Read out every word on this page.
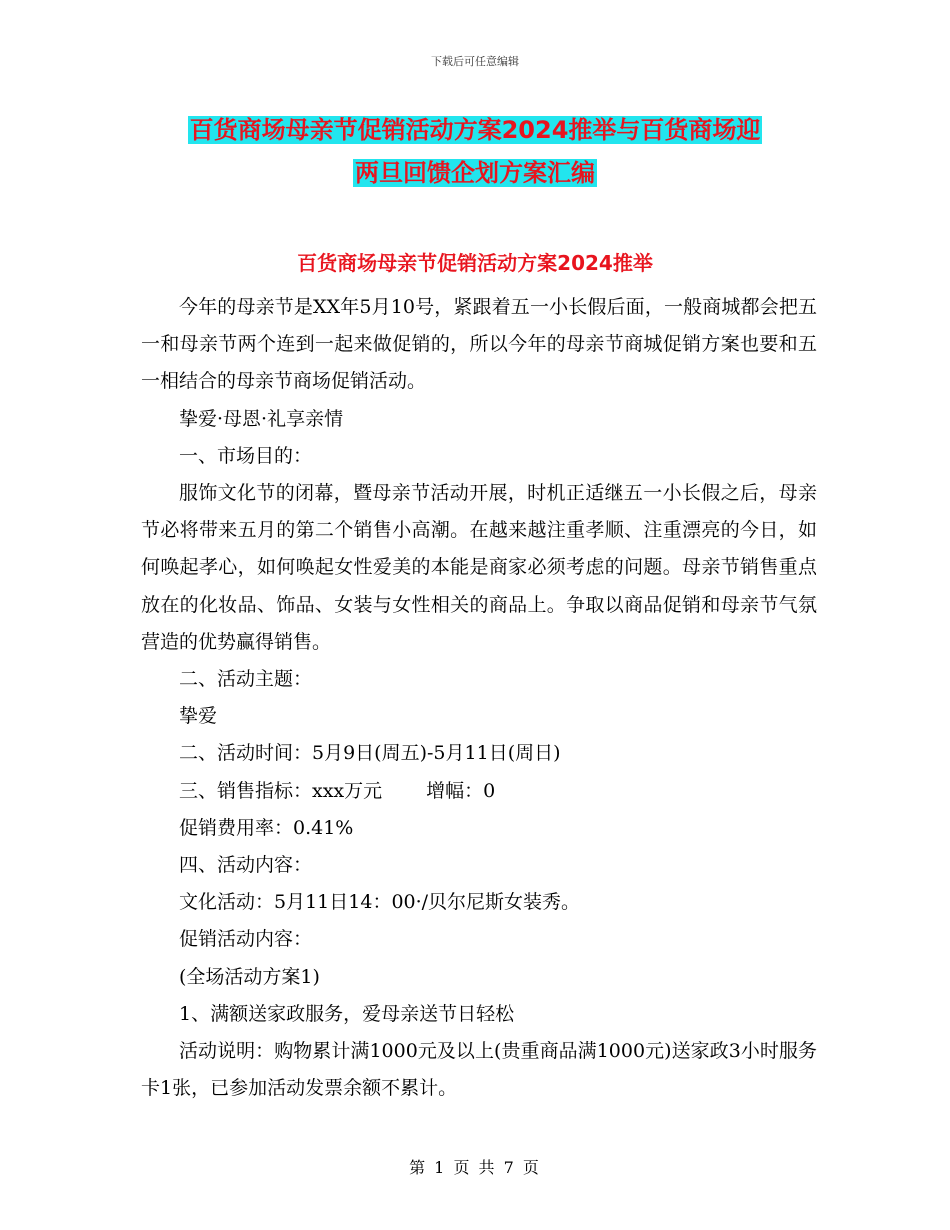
下载后可任意编辑
百货商场母亲节促销活动方案2024推举与百货商场迎
两旦回馈企划方案汇编
百货商场母亲节促销活动方案2024推举

今年的母亲节是XX年5月10号，紧跟着五一小长假后面，一般商城都会把五一和母亲节两个连到一起来做促销的，所以今年的母亲节商城促销方案也要和五一相结合的母亲节商场促销活动。

挚爱·母恩·礼享亲情

一、市场目的：

服饰文化节的闭幕，暨母亲节活动开展，时机正适继五一小长假之后，母亲节必将带来五月的第二个销售小高潮。在越来越注重孝顺、注重漂亮的今日，如何唤起孝心，如何唤起女性爱美的本能是商家必须考虑的问题。母亲节销售重点放在的化妆品、饰品、女装与女性相关的商品上。争取以商品促销和母亲节气氛营造的优势赢得销售。

二、活动主题：

挚爱

二、活动时间：5月9日(周五)-5月11日(周日)

三、销售指标：xxx万元 增幅：0

促销费用率：0.41%

四、活动内容：

文化活动：5月11日14：00·/贝尔尼斯女装秀。

促销活动内容：

(全场活动方案1)

1、满额送家政服务，爱母亲送节日轻松

活动说明：购物累计满1000元及以上(贵重商品满1000元)送家政3小时服务卡1张，已参加活动发票余额不累计。

第 1 页 共 7 页
